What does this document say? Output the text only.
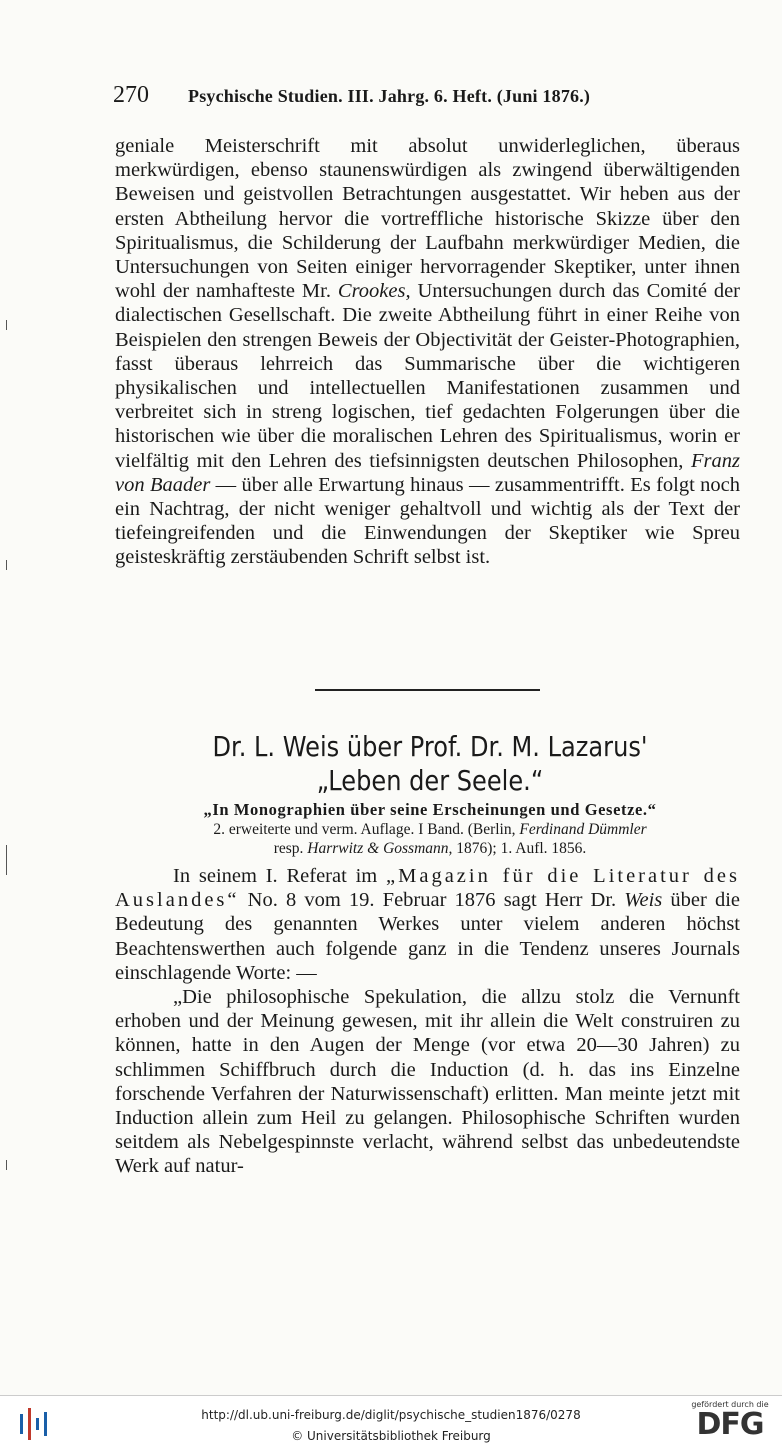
270 Psychische Studien. III. Jahrg. 6. Heft. (Juni 1876.)

geniale Meisterschrift mit absolut unwiderleglichen, überaus merkwürdigen, ebenso staunenswürdigen als zwingend überwältigenden Beweisen und geistvollen Betrachtungen ausgestattet. Wir heben aus der ersten Abtheilung hervor die vortreffliche historische Skizze über den Spiritualismus, die Schilderung der Laufbahn merkwürdiger Medien, die Untersuchungen von Seiten einiger hervorragender Skeptiker, unter ihnen wohl der namhafteste Mr. Crookes, Untersuchungen durch das Comité der dialectischen Gesellschaft. Die zweite Abtheilung führt in einer Reihe von Beispielen den strengen Beweis der Objectivität der Geister-Photographien, fasst überaus lehrreich das Summarische über die wichtigeren physikalischen und intellectuellen Manifestationen zusammen und verbreitet sich in streng logischen, tief gedachten Folgerungen über die historischen wie über die moralischen Lehren des Spiritualismus, worin er vielfältig mit den Lehren des tiefsinnigsten deutschen Philosophen, Franz von Baader — über alle Erwartung hinaus — zusammentrifft. Es folgt noch ein Nachtrag, der nicht weniger gehaltvoll und wichtig als der Text der tiefeingreifenden und die Einwendungen der Skeptiker wie Spreu geisteskräftig zerstäubenden Schrift selbst ist.

Dr. L. Weis über Prof. Dr. M. Lazarus'
„Leben der Seele.“
„In Monographien über seine Erscheinungen und Gesetze.“
2. erweiterte und verm. Auflage. I Band. (Berlin, Ferdinand Dümmler
resp. Harrwitz & Gossmann, 1876); 1. Aufl. 1856.

In seinem I. Referat im „Magazin für die Literatur des Auslandes“ No. 8 vom 19. Februar 1876 sagt Herr Dr. Weis über die Bedeutung des genannten Werkes unter vielem anderen höchst Beachtenswerthen auch folgende ganz in die Tendenz unseres Journals einschlagende Worte: —

„Die philosophische Spekulation, die allzu stolz die Vernunft erhoben und der Meinung gewesen, mit ihr allein die Welt construiren zu können, hatte in den Augen der Menge (vor etwa 20—30 Jahren) zu schlimmen Schiffbruch durch die Induction (d. h. das ins Einzelne forschende Verfahren der Naturwissenschaft) erlitten. Man meinte jetzt mit Induction allein zum Heil zu gelangen. Philosophische Schriften wurden seitdem als Nebelgespinnste verlacht, während selbst das unbedeutendste Werk auf natur-

http://dl.ub.uni-freiburg.de/diglit/psychische_studien1876/0278
© Universitätsbibliothek Freiburg
gefördert durch die
DFG
